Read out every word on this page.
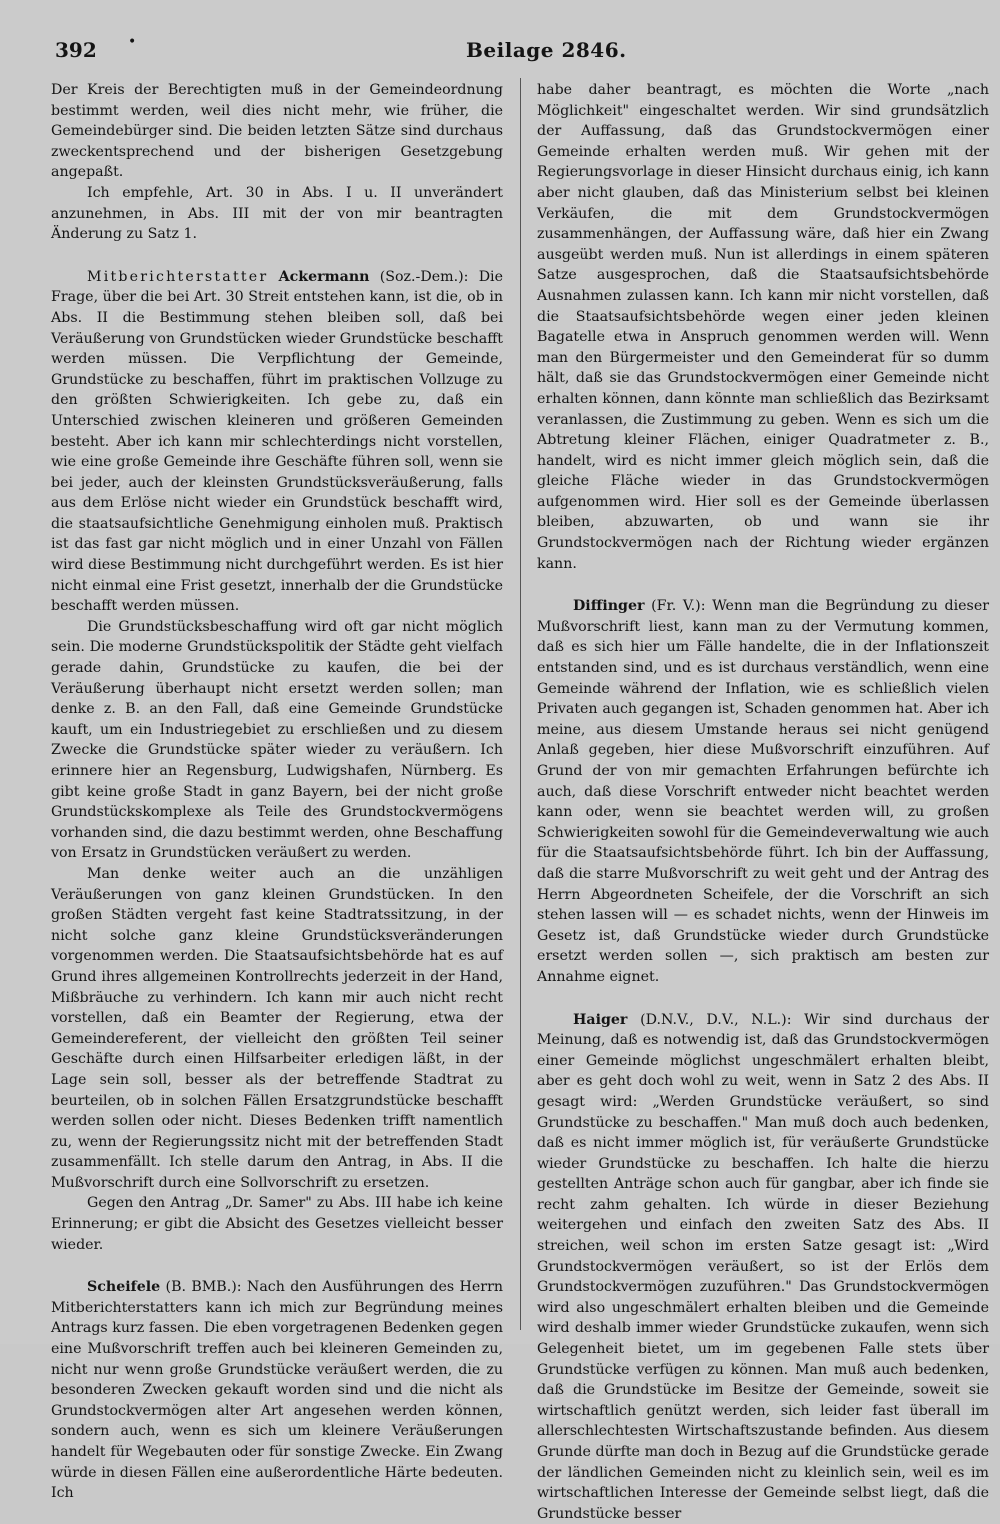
392 •	Beilage 2846.

Der Kreis der Berechtigten muß in der Gemeindeordnung bestimmt werden, weil dies nicht mehr, wie früher, die Gemeindebürger sind. Die beiden letzten Sätze sind durchaus zweckentsprechend und der bisherigen Gesetzgebung angepaßt.

Ich empfehle, Art. 30 in Abs. I u. II unverändert anzunehmen, in Abs. III mit der von mir beantragten Änderung zu Satz 1.

Mitberichterstatter Ackermann (Soz.-Dem.): Die Frage, über die bei Art. 30 Streit entstehen kann, ist die, ob in Abs. II die Bestimmung stehen bleiben soll, daß bei Veräußerung von Grundstücken wieder Grundstücke beschafft werden müssen. Die Verpflichtung der Gemeinde, Grundstücke zu beschaffen, führt im praktischen Vollzuge zu den größten Schwierigkeiten. Ich gebe zu, daß ein Unterschied zwischen kleineren und größeren Gemeinden besteht. Aber ich kann mir schlechterdings nicht vorstellen, wie eine große Gemeinde ihre Geschäfte führen soll, wenn sie bei jeder, auch der kleinsten Grundstücksveräußerung, falls aus dem Erlöse nicht wieder ein Grundstück beschafft wird, die staatsaufsichtliche Genehmigung einholen muß. Praktisch ist das fast gar nicht möglich und in einer Unzahl von Fällen wird diese Bestimmung nicht durchgeführt werden. Es ist hier nicht einmal eine Frist gesetzt, innerhalb der die Grundstücke beschafft werden müssen.

Die Grundstücksbeschaffung wird oft gar nicht möglich sein. Die moderne Grundstückspolitik der Städte geht vielfach gerade dahin, Grundstücke zu kaufen, die bei der Veräußerung überhaupt nicht ersetzt werden sollen; man denke z. B. an den Fall, daß eine Gemeinde Grundstücke kauft, um ein Industriegebiet zu erschließen und zu diesem Zwecke die Grundstücke später wieder zu veräußern. Ich erinnere hier an Regensburg, Ludwigshafen, Nürnberg. Es gibt keine große Stadt in ganz Bayern, bei der nicht große Grundstückskomplexe als Teile des Grundstockvermögens vorhanden sind, die dazu bestimmt werden, ohne Beschaffung von Ersatz in Grundstücken veräußert zu werden.

Man denke weiter auch an die unzähligen Veräußerungen von ganz kleinen Grundstücken. In den großen Städten vergeht fast keine Stadtratssitzung, in der nicht solche ganz kleine Grundstücksveränderungen vorgenommen werden. Die Staatsaufsichtsbehörde hat es auf Grund ihres allgemeinen Kontrollrechts jederzeit in der Hand, Mißbräuche zu verhindern. Ich kann mir auch nicht recht vorstellen, daß ein Beamter der Regierung, etwa der Gemeindereferent, der vielleicht den größten Teil seiner Geschäfte durch einen Hilfsarbeiter erledigen läßt, in der Lage sein soll, besser als der betreffende Stadtrat zu beurteilen, ob in solchen Fällen Ersatzgrundstücke beschafft werden sollen oder nicht. Dieses Bedenken trifft namentlich zu, wenn der Regierungssitz nicht mit der betreffenden Stadt zusammenfällt. Ich stelle darum den Antrag, in Abs. II die Mußvorschrift durch eine Sollvorschrift zu ersetzen.

Gegen den Antrag „Dr. Samer" zu Abs. III habe ich keine Erinnerung; er gibt die Absicht des Gesetzes vielleicht besser wieder.

Scheifele (B. BMB.): Nach den Ausführungen des Herrn Mitberichterstatters kann ich mich zur Begründung meines Antrags kurz fassen. Die eben vorgetragenen Bedenken gegen eine Mußvorschrift treffen auch bei kleineren Gemeinden zu, nicht nur wenn große Grundstücke veräußert werden, die zu besonderen Zwecken gekauft worden sind und die nicht als Grundstockvermögen alter Art angesehen werden können, sondern auch, wenn es sich um kleinere Veräußerungen handelt für Wegebauten oder für sonstige Zwecke. Ein Zwang würde in diesen Fällen eine außerordentliche Härte bedeuten. Ich

habe daher beantragt, es möchten die Worte „nach Möglichkeit" eingeschaltet werden. Wir sind grundsätzlich der Auffassung, daß das Grundstockvermögen einer Gemeinde erhalten werden muß. Wir gehen mit der Regierungsvorlage in dieser Hinsicht durchaus einig, ich kann aber nicht glauben, daß das Ministerium selbst bei kleinen Verkäufen, die mit dem Grundstockvermögen zusammenhängen, der Auffassung wäre, daß hier ein Zwang ausgeübt werden muß. Nun ist allerdings in einem späteren Satze ausgesprochen, daß die Staatsaufsichtsbehörde Ausnahmen zulassen kann. Ich kann mir nicht vorstellen, daß die Staatsaufsichtsbehörde wegen einer jeden kleinen Bagatelle etwa in Anspruch genommen werden will. Wenn man den Bürgermeister und den Gemeinderat für so dumm hält, daß sie das Grundstockvermögen einer Gemeinde nicht erhalten können, dann könnte man schließlich das Bezirksamt veranlassen, die Zustimmung zu geben. Wenn es sich um die Abtretung kleiner Flächen, einiger Quadratmeter z. B., handelt, wird es nicht immer gleich möglich sein, daß die gleiche Fläche wieder in das Grundstockvermögen aufgenommen wird. Hier soll es der Gemeinde überlassen bleiben, abzuwarten, ob und wann sie ihr Grundstockvermögen nach der Richtung wieder ergänzen kann.

Diffinger (Fr. V.): Wenn man die Begründung zu dieser Mußvorschrift liest, kann man zu der Vermutung kommen, daß es sich hier um Fälle handelte, die in der Inflationszeit entstanden sind, und es ist durchaus verständlich, wenn eine Gemeinde während der Inflation, wie es schließlich vielen Privaten auch gegangen ist, Schaden genommen hat. Aber ich meine, aus diesem Umstande heraus sei nicht genügend Anlaß gegeben, hier diese Mußvorschrift einzuführen. Auf Grund der von mir gemachten Erfahrungen befürchte ich auch, daß diese Vorschrift entweder nicht beachtet werden kann oder, wenn sie beachtet werden will, zu großen Schwierigkeiten sowohl für die Gemeindeverwaltung wie auch für die Staatsaufsichtsbehörde führt. Ich bin der Auffassung, daß die starre Mußvorschrift zu weit geht und der Antrag des Herrn Abgeordneten Scheifele, der die Vorschrift an sich stehen lassen will — es schadet nichts, wenn der Hinweis im Gesetz ist, daß Grundstücke wieder durch Grundstücke ersetzt werden sollen —, sich praktisch am besten zur Annahme eignet.

Haiger (D.N.V., D.V., N.L.): Wir sind durchaus der Meinung, daß es notwendig ist, daß das Grundstockvermögen einer Gemeinde möglichst ungeschmälert erhalten bleibt, aber es geht doch wohl zu weit, wenn in Satz 2 des Abs. II gesagt wird: „Werden Grundstücke veräußert, so sind Grundstücke zu beschaffen." Man muß doch auch bedenken, daß es nicht immer möglich ist, für veräußerte Grundstücke wieder Grundstücke zu beschaffen. Ich halte die hierzu gestellten Anträge schon auch für gangbar, aber ich finde sie recht zahm gehalten. Ich würde in dieser Beziehung weitergehen und einfach den zweiten Satz des Abs. II streichen, weil schon im ersten Satze gesagt ist: „Wird Grundstockvermögen veräußert, so ist der Erlös dem Grundstockvermögen zuzuführen." Das Grundstockvermögen wird also ungeschmälert erhalten bleiben und die Gemeinde wird deshalb immer wieder Grundstücke zukaufen, wenn sich Gelegenheit bietet, um im gegebenen Falle stets über Grundstücke verfügen zu können. Man muß auch bedenken, daß die Grundstücke im Besitze der Gemeinde, soweit sie wirtschaftlich genützt werden, sich leider fast überall im allerschlechtesten Wirtschaftszustande befinden. Aus diesem Grunde dürfte man doch in Bezug auf die Grundstücke gerade der ländlichen Gemeinden nicht zu kleinlich sein, weil es im wirtschaftlichen Interesse der Gemeinde selbst liegt, daß die Grundstücke besser
